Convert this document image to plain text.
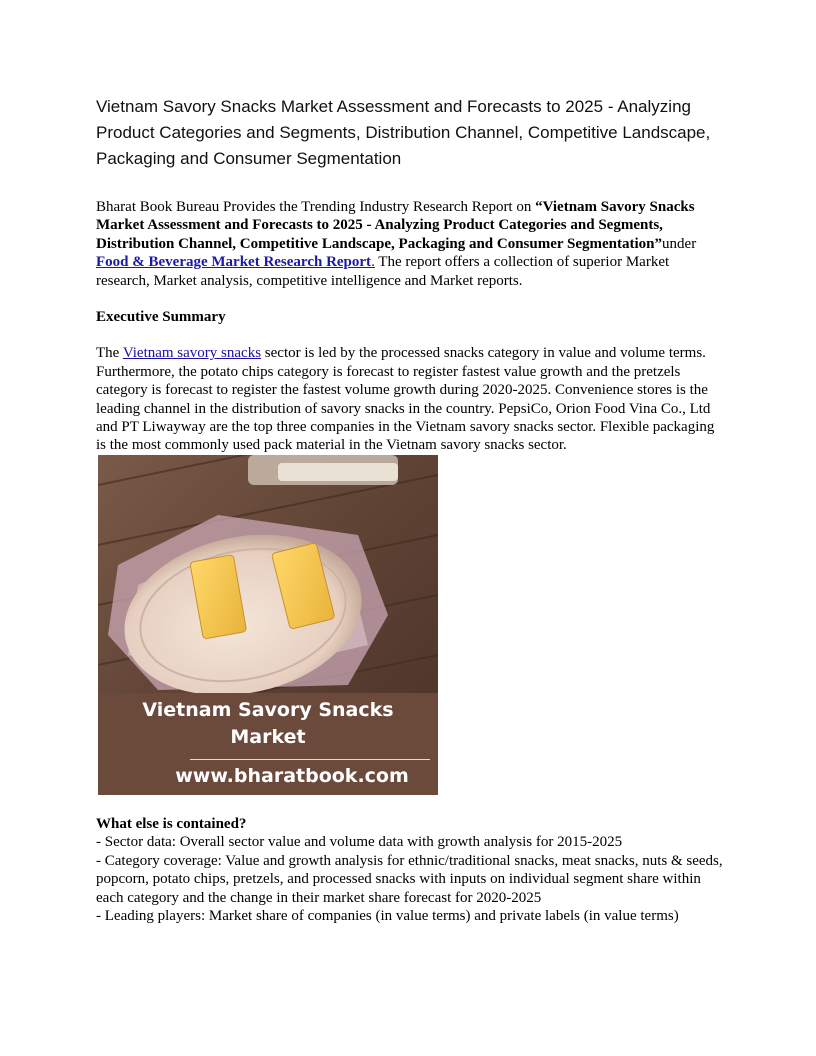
Vietnam Savory Snacks Market Assessment and Forecasts to 2025 - Analyzing Product Categories and Segments, Distribution Channel, Competitive Landscape, Packaging and Consumer Segmentation

Bharat Book Bureau Provides the Trending Industry Research Report on “Vietnam Savory Snacks Market Assessment and Forecasts to 2025 - Analyzing Product Categories and Segments, Distribution Channel, Competitive Landscape, Packaging and Consumer Segmentation”under Food & Beverage Market Research Report. The report offers a collection of superior Market research, Market analysis, competitive intelligence and Market reports.

Executive Summary

The Vietnam savory snacks sector is led by the processed snacks category in value and volume terms. Furthermore, the potato chips category is forecast to register fastest value growth and the pretzels category is forecast to register the fastest volume growth during 2020-2025. Convenience stores is the leading channel in the distribution of savory snacks in the country. PepsiCo, Orion Food Vina Co., Ltd and PT Liwayway are the top three companies in the Vietnam savory snacks sector. Flexible packaging is the most commonly used pack material in the Vietnam savory snacks sector.

Vietnam Savory Snacks
Market
www.bharatbook.com

What else is contained?

- Sector data: Overall sector value and volume data with growth analysis for 2015-2025
- Category coverage: Value and growth analysis for ethnic/traditional snacks, meat snacks, nuts & seeds, popcorn, potato chips, pretzels, and processed snacks with inputs on individual segment share within each category and the change in their market share forecast for 2020-2025
- Leading players: Market share of companies (in value terms) and private labels (in value terms)
